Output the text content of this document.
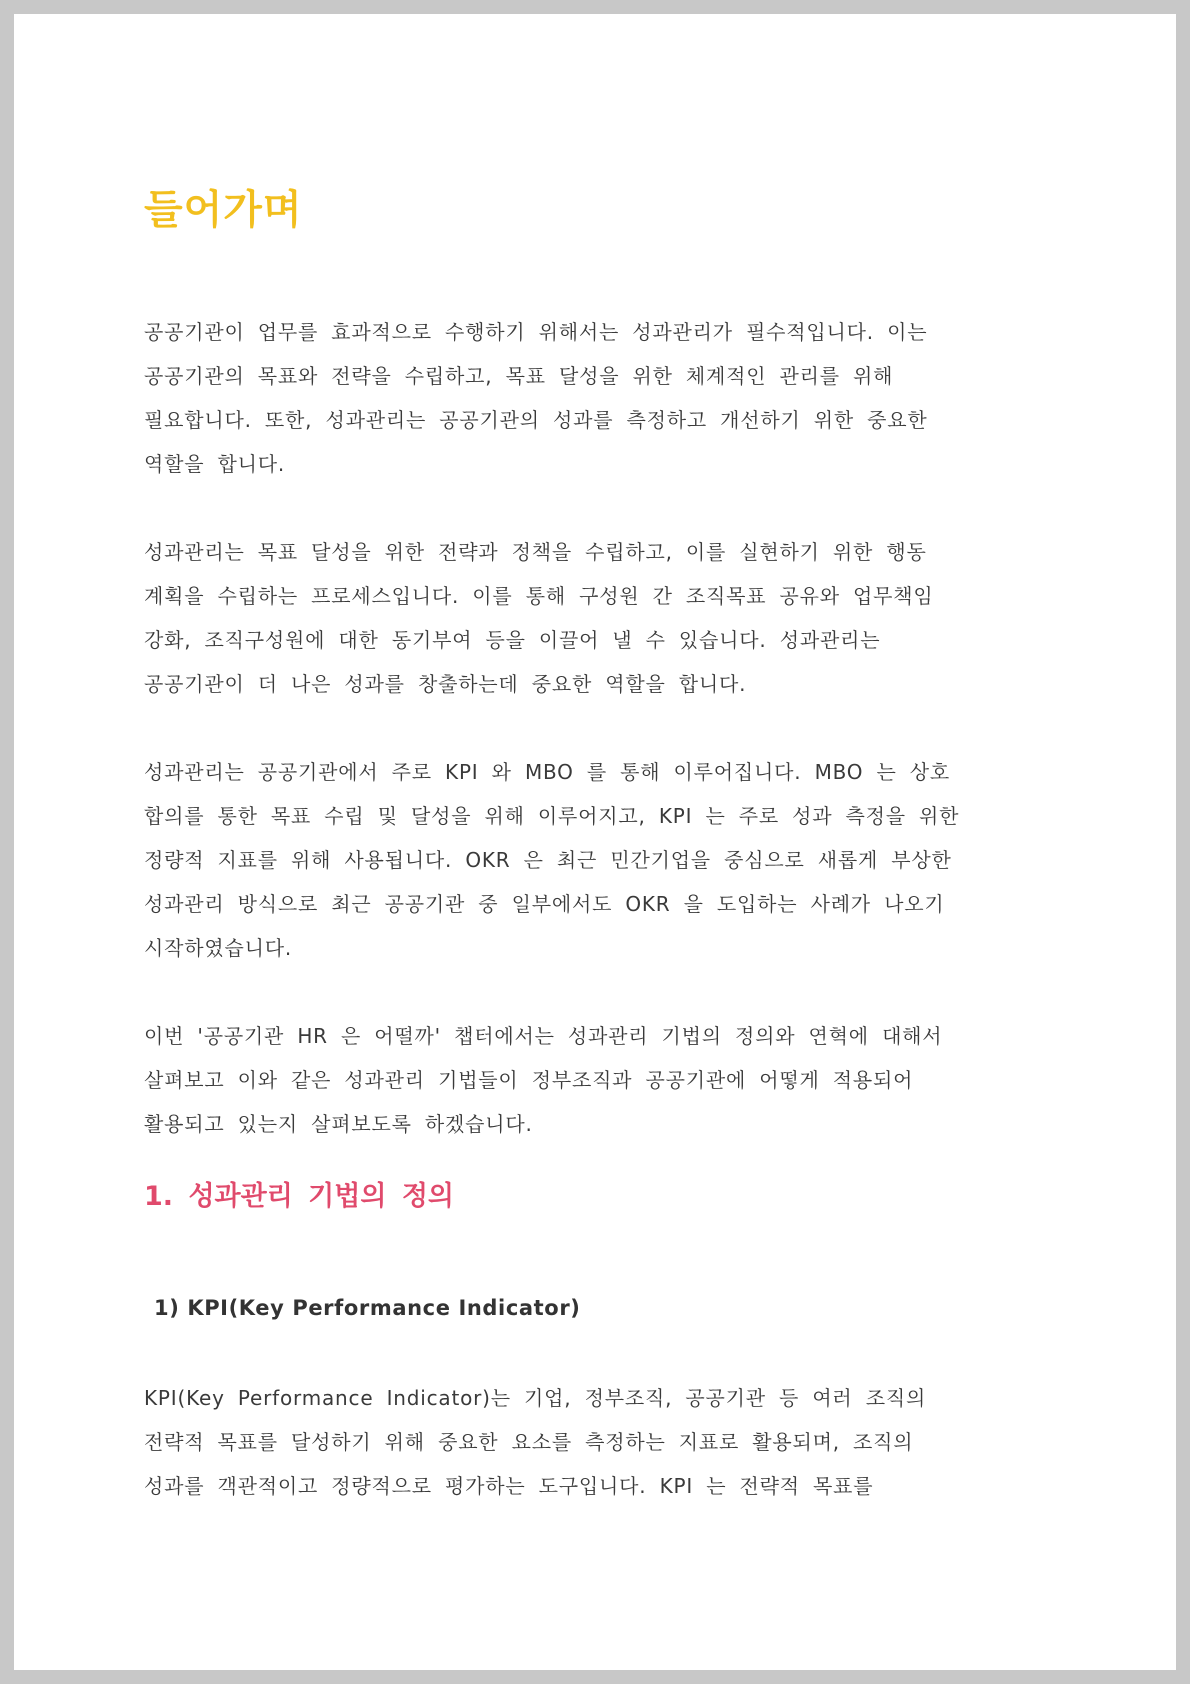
들어가며
공공기관이 업무를 효과적으로 수행하기 위해서는 성과관리가 필수적입니다. 이는
공공기관의 목표와 전략을 수립하고, 목표 달성을 위한 체계적인 관리를 위해
필요합니다. 또한, 성과관리는 공공기관의 성과를 측정하고 개선하기 위한 중요한
역할을 합니다.
성과관리는 목표 달성을 위한 전략과 정책을 수립하고, 이를 실현하기 위한 행동
계획을 수립하는 프로세스입니다. 이를 통해 구성원 간 조직목표 공유와 업무책임
강화, 조직구성원에 대한 동기부여 등을 이끌어 낼 수 있습니다. 성과관리는
공공기관이 더 나은 성과를 창출하는데 중요한 역할을 합니다.
성과관리는 공공기관에서 주로 KPI 와 MBO 를 통해 이루어집니다. MBO 는 상호
합의를 통한 목표 수립 및 달성을 위해 이루어지고, KPI 는 주로 성과 측정을 위한
정량적 지표를 위해 사용됩니다. OKR 은 최근 민간기업을 중심으로 새롭게 부상한
성과관리 방식으로 최근 공공기관 중 일부에서도 OKR 을 도입하는 사례가 나오기
시작하였습니다.
이번 '공공기관 HR 은 어떨까' 챕터에서는 성과관리 기법의 정의와 연혁에 대해서
살펴보고 이와 같은 성과관리 기법들이 정부조직과 공공기관에 어떻게 적용되어
활용되고 있는지 살펴보도록 하겠습니다.
1. 성과관리 기법의 정의
1) KPI(Key Performance Indicator)
KPI(Key Performance Indicator)는 기업, 정부조직, 공공기관 등 여러 조직의
전략적 목표를 달성하기 위해 중요한 요소를 측정하는 지표로 활용되며, 조직의
성과를 객관적이고 정량적으로 평가하는 도구입니다. KPI 는 전략적 목표를
